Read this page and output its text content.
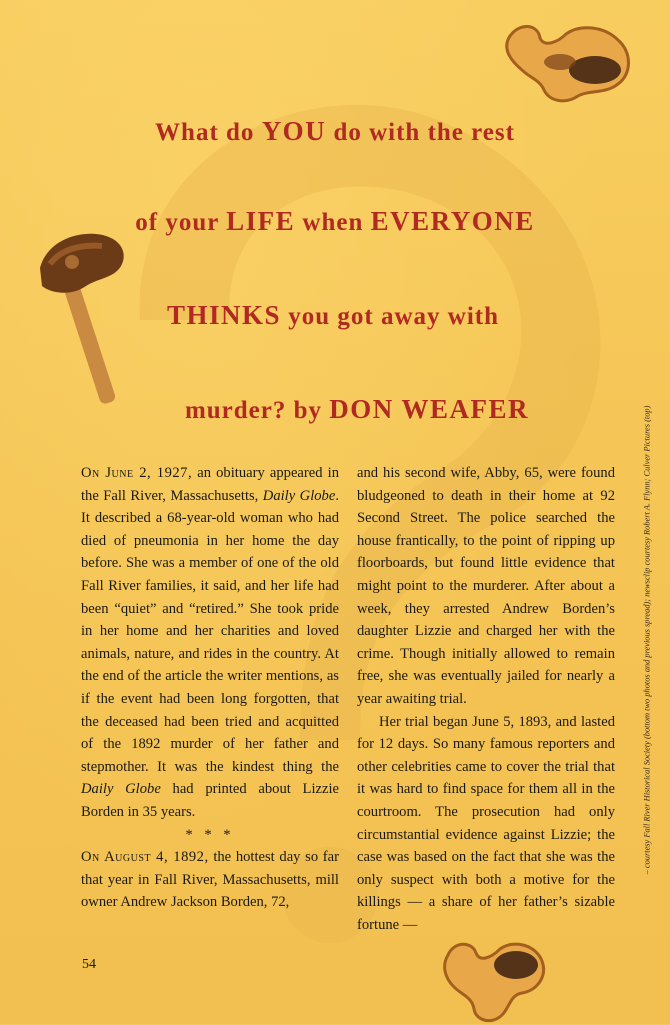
What do YOU do with the rest
of your LIFE when EVERYONE
THINKS you got away with
murder? by DON WEAFER

On June 2, 1927, an obituary appeared in the Fall River, Massachusetts, Daily Globe. It described a 68-year-old woman who had died of pneumonia in her home the day before. She was a member of one of the old Fall River families, it said, and her life had been “quiet” and “retired.” She took pride in her home and her charities and loved animals, nature, and rides in the country. At the end of the article the writer mentions, as if the event had been long forgotten, that the deceased had been tried and acquitted of the 1892 murder of her father and stepmother. It was the kindest thing the Daily Globe had printed about Lizzie Borden in 35 years.

* * *

On August 4, 1892, the hottest day so far that year in Fall River, Massachusetts, mill owner Andrew Jackson Borden, 72,

and his second wife, Abby, 65, were found bludgeoned to death in their home at 92 Second Street. The police searched the house frantically, to the point of ripping up floorboards, but found little evidence that might point to the murderer. After about a week, they arrested Andrew Borden’s daughter Lizzie and charged her with the crime. Though initially allowed to remain free, she was eventually jailed for nearly a year awaiting trial.

Her trial began June 5, 1893, and lasted for 12 days. So many famous reporters and other celebrities came to cover the trial that it was hard to find space for them all in the courtroom. The prosecution had only circumstantial evidence against Lizzie; the case was based on the fact that she was the only suspect with both a motive for the killings — a share of her father’s sizable fortune —

54
– courtesy Fall River Historical Society (bottom two photos and previous spread); newsclip courtesy Robert A. Flynn; Culver Pictures (top)
